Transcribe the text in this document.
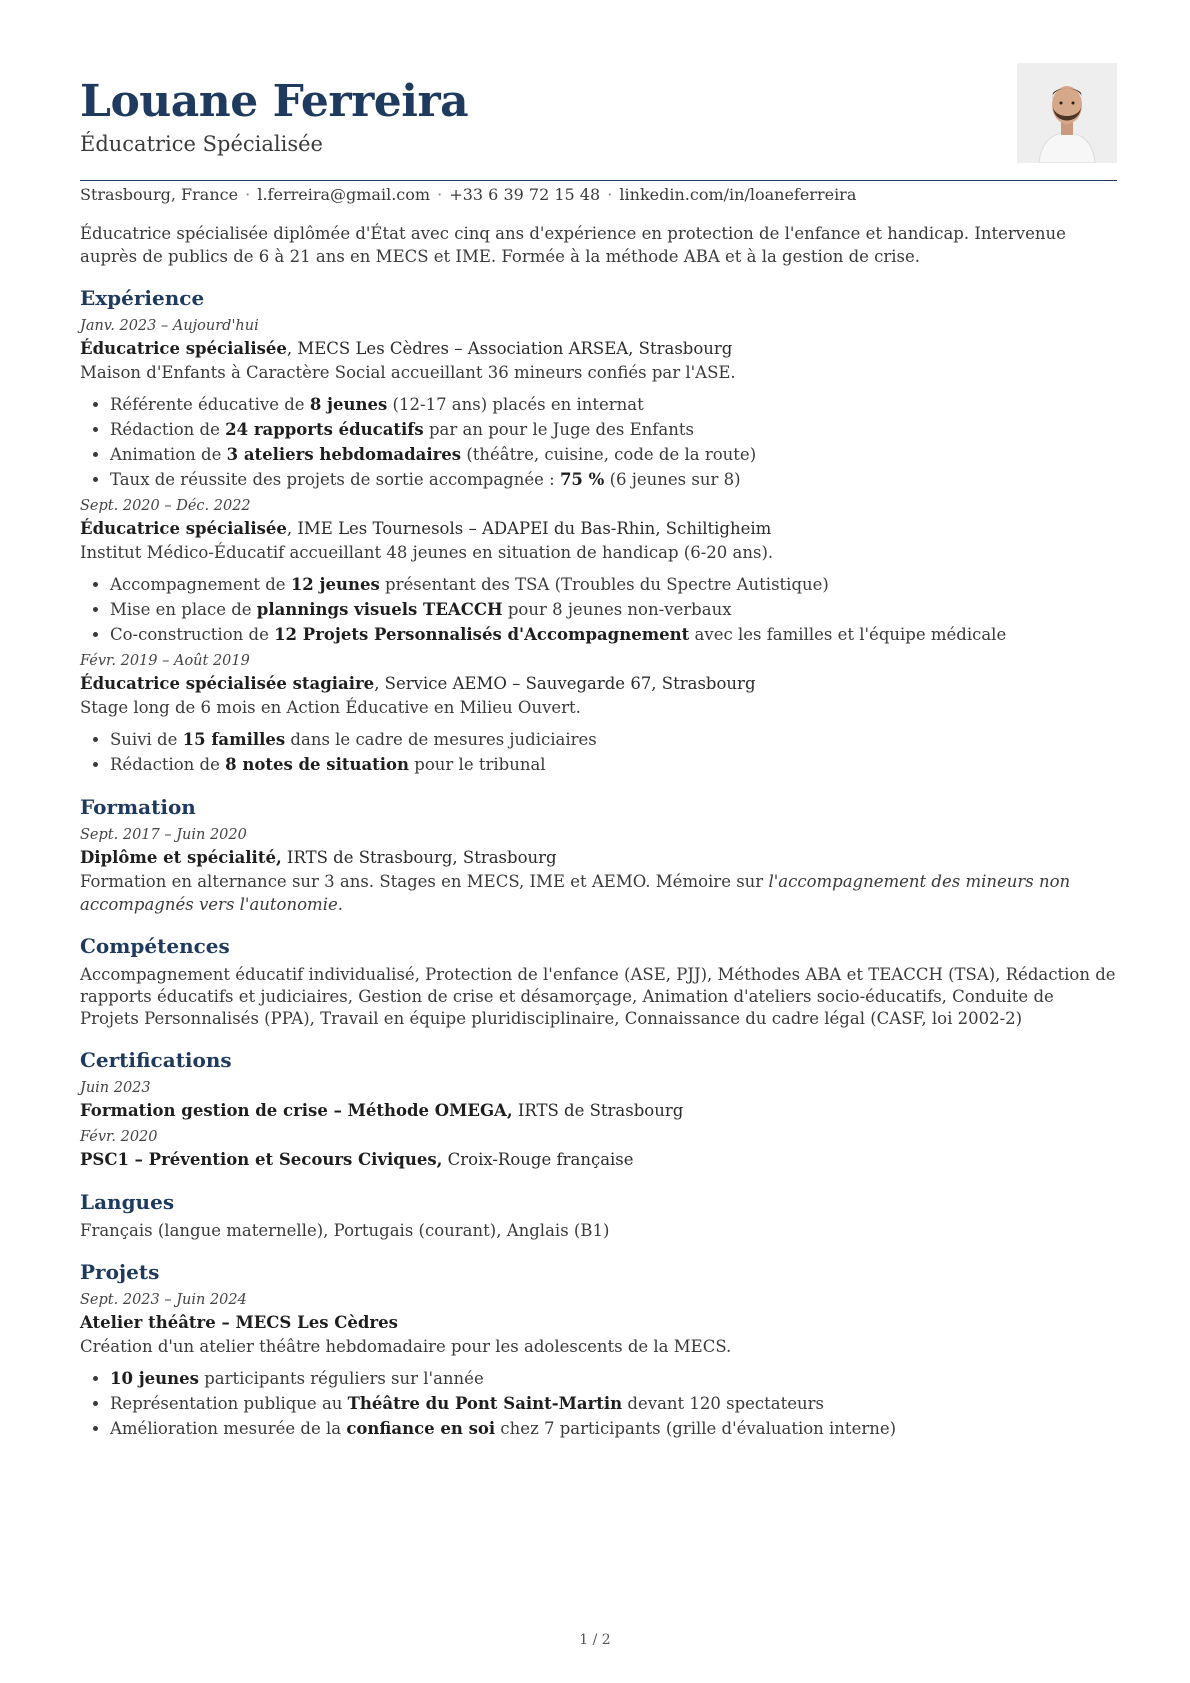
Louane Ferreira
Éducatrice Spécialisée
Strasbourg, France · l.ferreira@gmail.com · +33 6 39 72 15 48 · linkedin.com/in/loaneferreira
Éducatrice spécialisée diplômée d'État avec cinq ans d'expérience en protection de l'enfance et handicap. Intervenue auprès de publics de 6 à 21 ans en MECS et IME. Formée à la méthode ABA et à la gestion de crise.
Expérience
Janv. 2023 – Aujourd'hui
Éducatrice spécialisée, MECS Les Cèdres – Association ARSEA, Strasbourg
Maison d'Enfants à Caractère Social accueillant 36 mineurs confiés par l'ASE.
• Référente éducative de 8 jeunes (12-17 ans) placés en internat
• Rédaction de 24 rapports éducatifs par an pour le Juge des Enfants
• Animation de 3 ateliers hebdomadaires (théâtre, cuisine, code de la route)
• Taux de réussite des projets de sortie accompagnée : 75 % (6 jeunes sur 8)
Sept. 2020 – Déc. 2022
Éducatrice spécialisée, IME Les Tournesols – ADAPEI du Bas-Rhin, Schiltigheim
Institut Médico-Éducatif accueillant 48 jeunes en situation de handicap (6-20 ans).
• Accompagnement de 12 jeunes présentant des TSA (Troubles du Spectre Autistique)
• Mise en place de plannings visuels TEACCH pour 8 jeunes non-verbaux
• Co-construction de 12 Projets Personnalisés d'Accompagnement avec les familles et l'équipe médicale
Févr. 2019 – Août 2019
Éducatrice spécialisée stagiaire, Service AEMO – Sauvegarde 67, Strasbourg
Stage long de 6 mois en Action Éducative en Milieu Ouvert.
• Suivi de 15 familles dans le cadre de mesures judiciaires
• Rédaction de 8 notes de situation pour le tribunal
Formation
Sept. 2017 – Juin 2020
Diplôme et spécialité, IRTS de Strasbourg, Strasbourg
Formation en alternance sur 3 ans. Stages en MECS, IME et AEMO. Mémoire sur l'accompagnement des mineurs non accompagnés vers l'autonomie.
Compétences
Accompagnement éducatif individualisé, Protection de l'enfance (ASE, PJJ), Méthodes ABA et TEACCH (TSA), Rédaction de rapports éducatifs et judiciaires, Gestion de crise et désamorçage, Animation d'ateliers socio-éducatifs, Conduite de Projets Personnalisés (PPA), Travail en équipe pluridisciplinaire, Connaissance du cadre légal (CASF, loi 2002-2)
Certifications
Juin 2023
Formation gestion de crise – Méthode OMEGA, IRTS de Strasbourg
Févr. 2020
PSC1 – Prévention et Secours Civiques, Croix-Rouge française
Langues
Français (langue maternelle), Portugais (courant), Anglais (B1)
Projets
Sept. 2023 – Juin 2024
Atelier théâtre – MECS Les Cèdres
Création d'un atelier théâtre hebdomadaire pour les adolescents de la MECS.
• 10 jeunes participants réguliers sur l'année
• Représentation publique au Théâtre du Pont Saint-Martin devant 120 spectateurs
• Amélioration mesurée de la confiance en soi chez 7 participants (grille d'évaluation interne)
1 / 2
